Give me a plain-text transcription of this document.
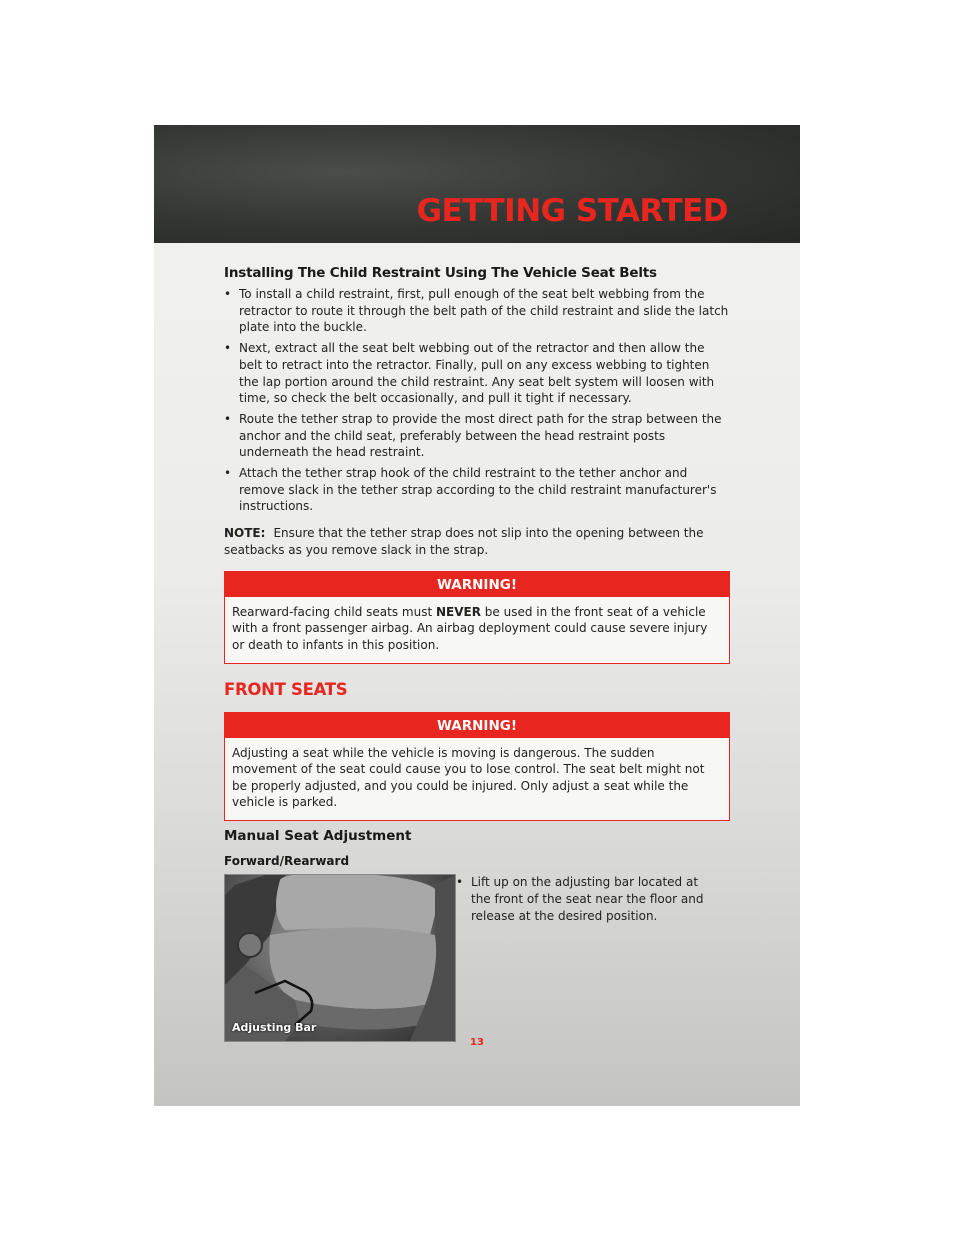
GETTING STARTED
Installing The Child Restraint Using The Vehicle Seat Belts
• To install a child restraint, first, pull enough of the seat belt webbing from the retractor to route it through the belt path of the child restraint and slide the latch plate into the buckle.
• Next, extract all the seat belt webbing out of the retractor and then allow the belt to retract into the retractor. Finally, pull on any excess webbing to tighten the lap portion around the child restraint. Any seat belt system will loosen with time, so check the belt occasionally, and pull it tight if necessary.
• Route the tether strap to provide the most direct path for the strap between the anchor and the child seat, preferably between the head restraint posts underneath the head restraint.
• Attach the tether strap hook of the child restraint to the tether anchor and remove slack in the tether strap according to the child restraint manufacturer's instructions.
NOTE: Ensure that the tether strap does not slip into the opening between the seatbacks as you remove slack in the strap.
WARNING!
Rearward-facing child seats must NEVER be used in the front seat of a vehicle with a front passenger airbag. An airbag deployment could cause severe injury or death to infants in this position.
FRONT SEATS
WARNING!
Adjusting a seat while the vehicle is moving is dangerous. The sudden movement of the seat could cause you to lose control. The seat belt might not be properly adjusted, and you could be injured. Only adjust a seat while the vehicle is parked.
Manual Seat Adjustment
Forward/Rearward
Adjusting Bar
• Lift up on the adjusting bar located at the front of the seat near the floor and release at the desired position.
13
